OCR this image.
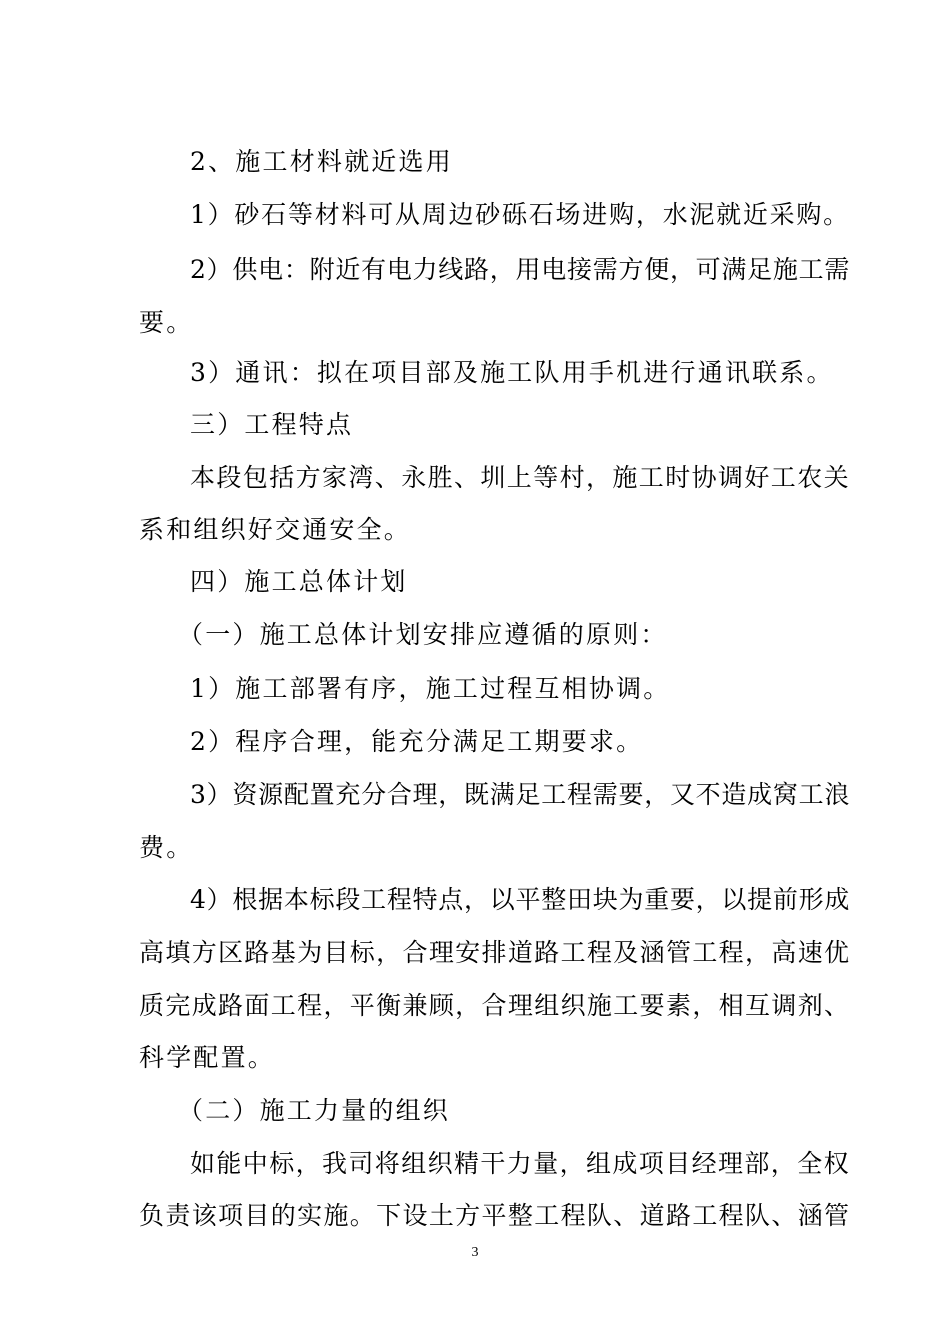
2、施工材料就近选用
1）砂石等材料可从周边砂砾石场进购，水泥就近采购。
2）供电：附近有电力线路，用电接需方便，可满足施工需
要。
3）通讯：拟在项目部及施工队用手机进行通讯联系。
三）工程特点
本段包括方家湾、永胜、圳上等村，施工时协调好工农关
系和组织好交通安全。
四）施工总体计划
（一）施工总体计划安排应遵循的原则：
1）施工部署有序，施工过程互相协调。
2）程序合理，能充分满足工期要求。
3）资源配置充分合理，既满足工程需要，又不造成窝工浪
费。
4）根据本标段工程特点，以平整田块为重要，以提前形成
高填方区路基为目标，合理安排道路工程及涵管工程，高速优
质完成路面工程，平衡兼顾，合理组织施工要素，相互调剂、
科学配置。
（二）施工力量的组织
如能中标，我司将组织精干力量，组成项目经理部，全权
负责该项目的实施。下设土方平整工程队、道路工程队、涵管
3
